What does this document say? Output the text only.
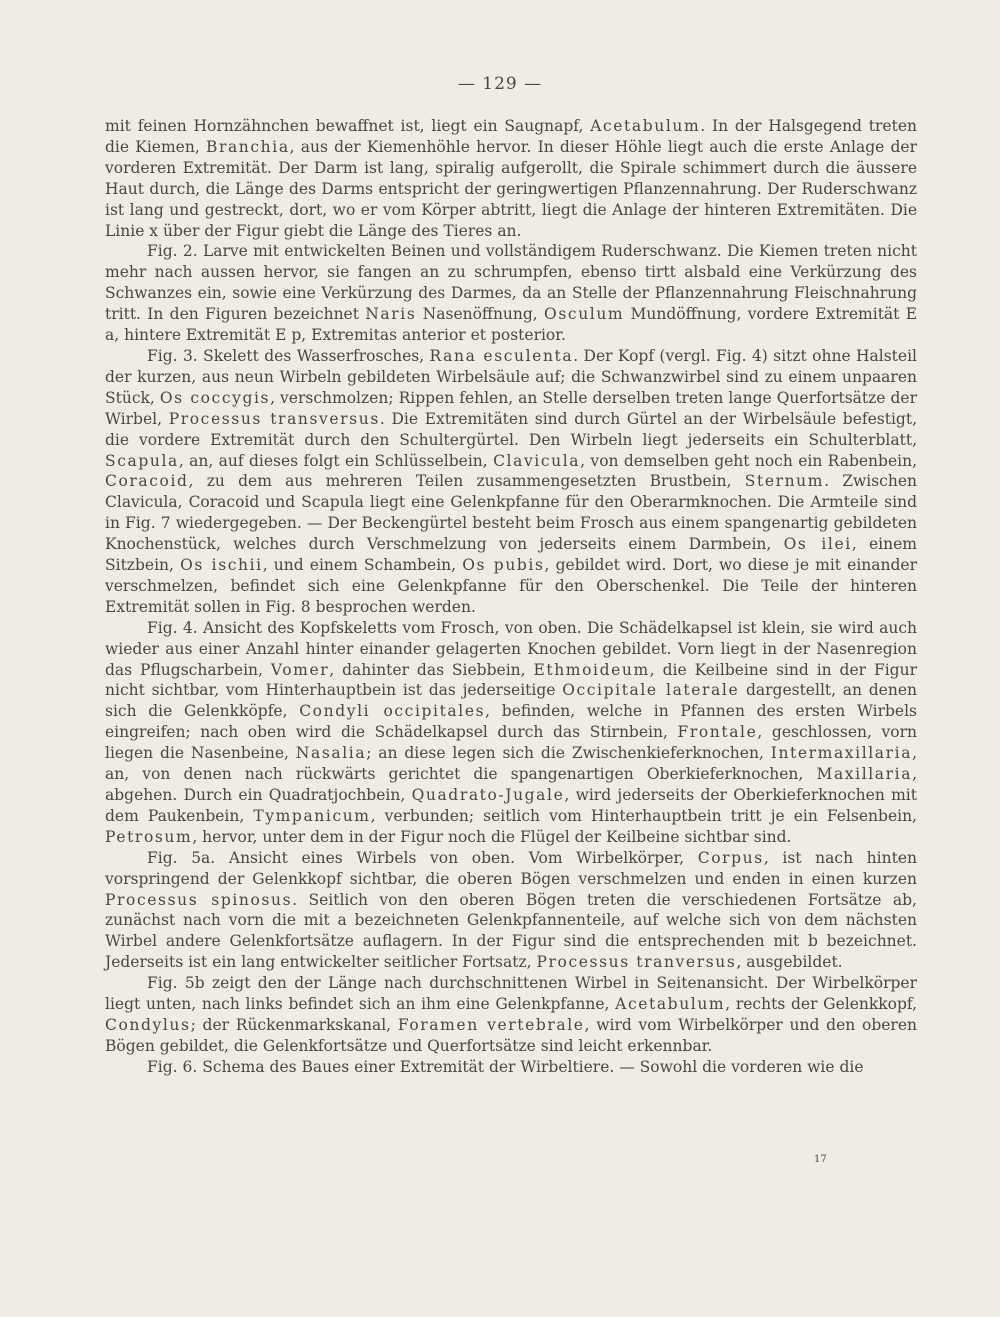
— 129 —

mit feinen Hornzähnchen bewaffnet ist, liegt ein Saugnapf, Acetabulum. In der Halsgegend treten die Kiemen, Branchia, aus der Kiemenhöhle hervor. In dieser Höhle liegt auch die erste Anlage der vorderen Extremität. Der Darm ist lang, spiralig aufgerollt, die Spirale schimmert durch die äussere Haut durch, die Länge des Darms entspricht der geringwertigen Pflanzennahrung. Der Ruderschwanz ist lang und gestreckt, dort, wo er vom Körper abtritt, liegt die Anlage der hinteren Extremitäten. Die Linie x über der Figur giebt die Länge des Tieres an.

Fig. 2. Larve mit entwickelten Beinen und vollständigem Ruderschwanz. Die Kiemen treten nicht mehr nach aussen hervor, sie fangen an zu schrumpfen, ebenso tirtt alsbald eine Verkürzung des Schwanzes ein, sowie eine Verkürzung des Darmes, da an Stelle der Pflanzennahrung Fleischnahrung tritt. In den Figuren bezeichnet Naris Nasenöffnung, Osculum Mundöffnung, vordere Extremität E a, hintere Extremität E p, Extremitas anterior et posterior.

Fig. 3. Skelett des Wasserfrosches, Rana esculenta. Der Kopf (vergl. Fig. 4) sitzt ohne Halsteil der kurzen, aus neun Wirbeln gebildeten Wirbelsäule auf; die Schwanzwirbel sind zu einem unpaaren Stück, Os coccygis, verschmolzen; Rippen fehlen, an Stelle derselben treten lange Querfortsätze der Wirbel, Processus transversus. Die Extremitäten sind durch Gürtel an der Wirbelsäule befestigt, die vordere Extremität durch den Schultergürtel. Den Wirbeln liegt jederseits ein Schulterblatt, Scapula, an, auf dieses folgt ein Schlüsselbein, Clavicula, von demselben geht noch ein Rabenbein, Coracoid, zu dem aus mehreren Teilen zusammengesetzten Brustbein, Sternum. Zwischen Clavicula, Coracoid und Scapula liegt eine Gelenkpfanne für den Oberarmknochen. Die Armteile sind in Fig. 7 wiedergegeben. — Der Beckengürtel besteht beim Frosch aus einem spangenartig gebildeten Knochenstück, welches durch Verschmelzung von jederseits einem Darmbein, Os ilei, einem Sitzbein, Os ischii, und einem Schambein, Os pubis, gebildet wird. Dort, wo diese je mit einander verschmelzen, befindet sich eine Gelenkpfanne für den Oberschenkel. Die Teile der hinteren Extremität sollen in Fig. 8 besprochen werden.

Fig. 4. Ansicht des Kopfskeletts vom Frosch, von oben. Die Schädelkapsel ist klein, sie wird auch wieder aus einer Anzahl hinter einander gelagerten Knochen gebildet. Vorn liegt in der Nasenregion das Pflugscharbein, Vomer, dahinter das Siebbein, Ethmoideum, die Keilbeine sind in der Figur nicht sichtbar, vom Hinterhauptbein ist das jederseitige Occipitale laterale dargestellt, an denen sich die Gelenkköpfe, Condyli occipitales, befinden, welche in Pfannen des ersten Wirbels eingreifen; nach oben wird die Schädelkapsel durch das Stirnbein, Frontale, geschlossen, vorn liegen die Nasenbeine, Nasalia; an diese legen sich die Zwischenkieferknochen, Intermaxillaria, an, von denen nach rückwärts gerichtet die spangenartigen Oberkieferknochen, Maxillaria, abgehen. Durch ein Quadratjochbein, Quadrato-Jugale, wird jederseits der Oberkieferknochen mit dem Paukenbein, Tympanicum, verbunden; seitlich vom Hinterhauptbein tritt je ein Felsenbein, Petrosum, hervor, unter dem in der Figur noch die Flügel der Keilbeine sichtbar sind.

Fig. 5a. Ansicht eines Wirbels von oben. Vom Wirbelkörper, Corpus, ist nach hinten vorspringend der Gelenkkopf sichtbar, die oberen Bögen verschmelzen und enden in einen kurzen Processus spinosus. Seitlich von den oberen Bögen treten die verschiedenen Fortsätze ab, zunächst nach vorn die mit a bezeichneten Gelenkpfannenteile, auf welche sich von dem nächsten Wirbel andere Gelenkfortsätze auflagern. In der Figur sind die entsprechenden mit b bezeichnet. Jederseits ist ein lang entwickelter seitlicher Fortsatz, Processus tranversus, ausgebildet.

Fig. 5b zeigt den der Länge nach durchschnittenen Wirbel in Seitenansicht. Der Wirbelkörper liegt unten, nach links befindet sich an ihm eine Gelenkpfanne, Acetabulum, rechts der Gelenkkopf, Condylus; der Rückenmarkskanal, Foramen vertebrale, wird vom Wirbelkörper und den oberen Bögen gebildet, die Gelenkfortsätze und Querfortsätze sind leicht erkennbar.

Fig. 6. Schema des Baues einer Extremität der Wirbeltiere. — Sowohl die vorderen wie die

17
